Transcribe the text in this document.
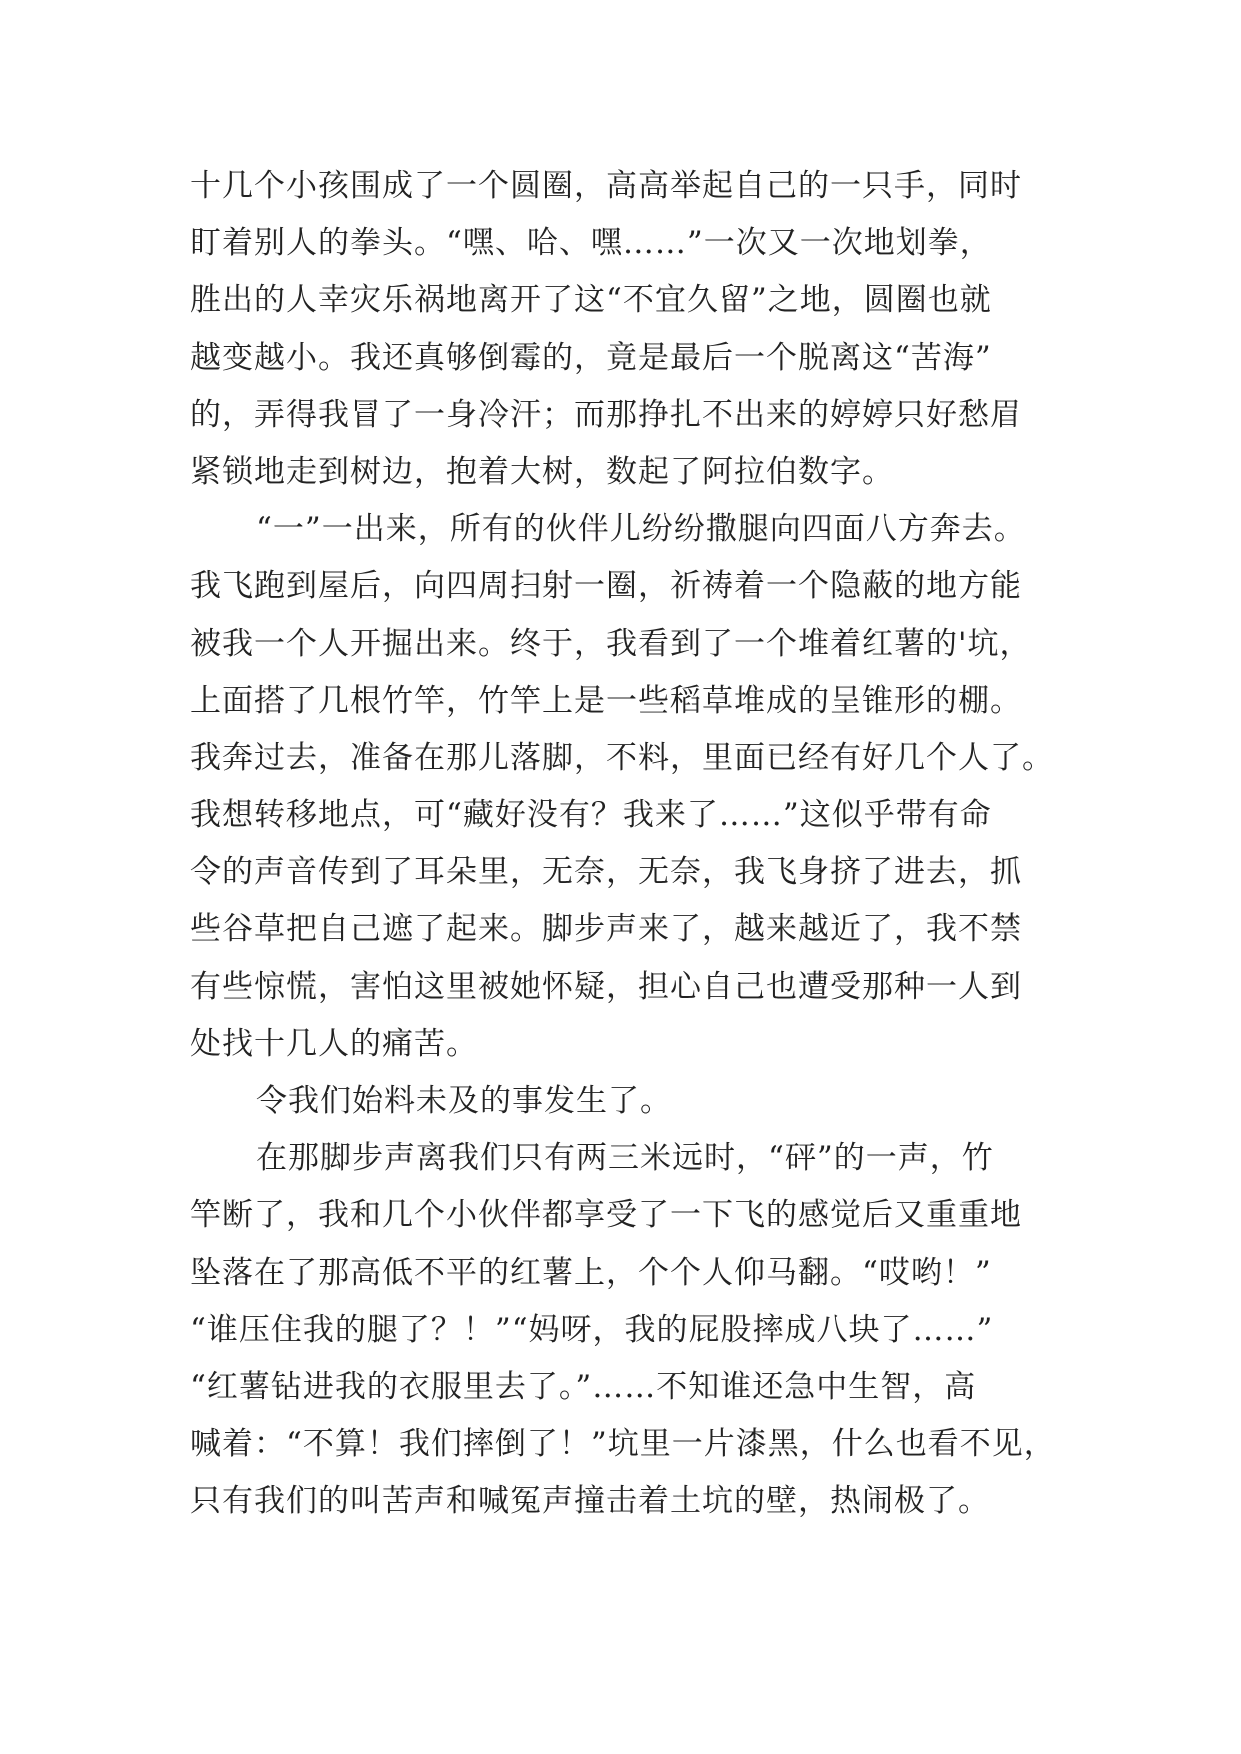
十几个小孩围成了一个圆圈，高高举起自己的一只手，同时
盯着别人的拳头。“嘿、哈、嘿……”一次又一次地划拳，
胜出的人幸灾乐祸地离开了这“不宜久留”之地，圆圈也就
越变越小。我还真够倒霉的，竟是最后一个脱离这“苦海”
的，弄得我冒了一身冷汗；而那挣扎不出来的婷婷只好愁眉
紧锁地走到树边，抱着大树，数起了阿拉伯数字。
“一”一出来，所有的伙伴儿纷纷撒腿向四面八方奔去。
我飞跑到屋后，向四周扫射一圈，祈祷着一个隐蔽的地方能
被我一个人开掘出来。终于，我看到了一个堆着红薯的'坑，
上面搭了几根竹竿，竹竿上是一些稻草堆成的呈锥形的棚。
我奔过去，准备在那儿落脚，不料，里面已经有好几个人了。
我想转移地点，可“藏好没有？我来了……”这似乎带有命
令的声音传到了耳朵里，无奈，无奈，我飞身挤了进去，抓
些谷草把自己遮了起来。脚步声来了，越来越近了，我不禁
有些惊慌，害怕这里被她怀疑，担心自己也遭受那种一人到
处找十几人的痛苦。
令我们始料未及的事发生了。
在那脚步声离我们只有两三米远时，“砰”的一声，竹
竿断了，我和几个小伙伴都享受了一下飞的感觉后又重重地
坠落在了那高低不平的红薯上，个个人仰马翻。“哎哟！”
“谁压住我的腿了？！”“妈呀，我的屁股摔成八块了……”
“红薯钻进我的衣服里去了。”……不知谁还急中生智，高
喊着：“不算！我们摔倒了！”坑里一片漆黑，什么也看不见，
只有我们的叫苦声和喊冤声撞击着土坑的壁，热闹极了。
